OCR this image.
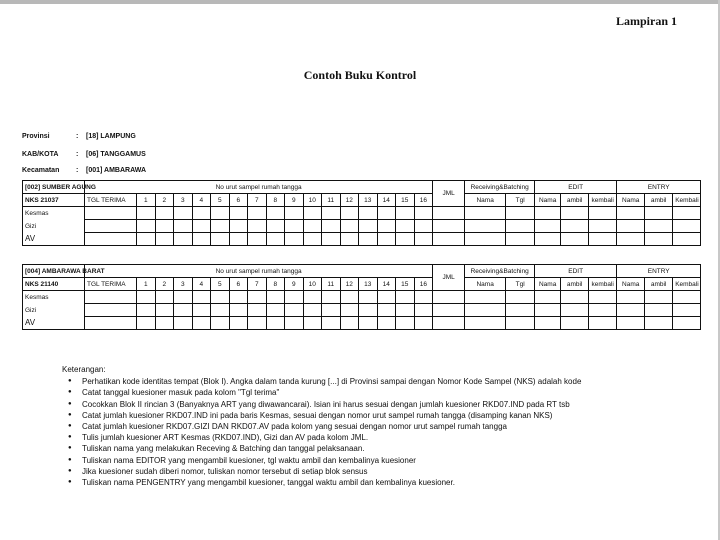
Lampiran 1
Contoh Buku Kontrol
Provinsi	: [18] LAMPUNG
KAB/KOTA	: [06] TANGGAMUS
Kecamatan : [001] AMBARAWA
[002] SUMBER AGUNG	No urut sampel rumah tangga																	JML	Receiving&Batching		EDIT			ENTRY		
NKS 21037	TGL TERIMA	1	2	3	4	5	6	7	8	9	10	11	12	13	14	15	16		Nama	Tgl	Nama	ambil	kembali	Nama	ambil	Kembali
Kesmas																										
Gizi																										
AV																										
[004] AMBARAWA BARAT	No urut sampel rumah tangga																	JML	Receiving&Batching		EDIT			ENTRY		
NKS 21140	TGL TERIMA	1	2	3	4	5	6	7	8	9	10	11	12	13	14	15	16		Nama	Tgl	Nama	ambil	kembali	Nama	ambil	Kembali
Kesmas																										
Gizi																										
AV																										
Keterangan:
● Perhatikan kode identitas tempat (Blok I). Angka dalam tanda kurung [...] di Provinsi sampai dengan Nomor Kode Sampel (NKS) adalah kode
● Catat tanggal kuesioner masuk pada kolom "Tgl terima"
● Cocokkan Blok II rincian 3 (Banyaknya ART yang diwawancarai). Isian ini harus sesuai dengan jumlah kuesioner RKD07.IND pada RT tsb
● Catat jumlah kuesioner RKD07.IND ini pada baris Kesmas, sesuai dengan nomor urut sampel rumah tangga (disamping kanan NKS)
● Catat jumlah kuesioner RKD07.GIZI DAN RKD07.AV pada kolom yang sesuai dengan nomor urut sampel rumah tangga
● Tulis jumlah kuesioner ART Kesmas (RKD07.IND), Gizi dan AV pada kolom JML.
● Tuliskan nama yang melakukan Receving & Batching dan tanggal pelaksanaan.
● Tuliskan nama EDITOR yang mengambil kuesioner, tgl waktu ambil dan kembalinya kuesioner
● Jika kuesioner sudah diberi nomor, tuliskan nomor tersebut di setiap blok sensus
● Tuliskan nama PENGENTRY yang mengambil kuesioner, tanggal waktu ambil dan kembalinya kuesioner.
